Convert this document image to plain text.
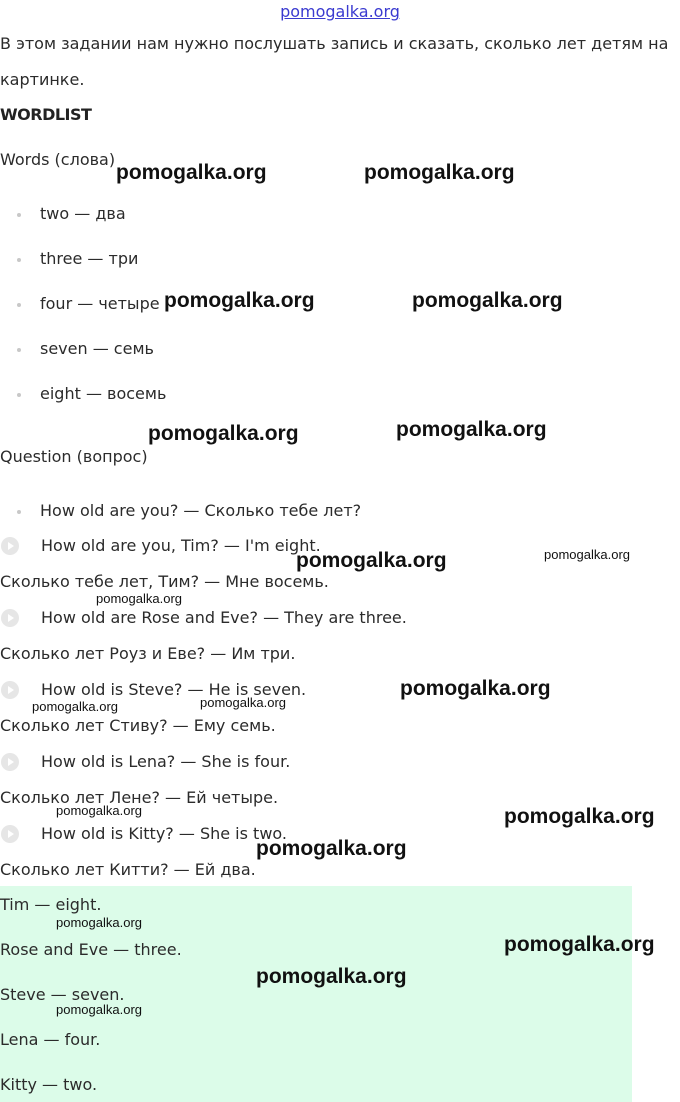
pomogalka.org
В этом задании нам нужно послушать запись и сказать, сколько лет детям на
картинке.
WORDLIST
Words (слова)
two — два
three — три
four — четыре
seven — семь
eight — восемь
Question (вопрос)
How old are you? — Сколько тебе лет?
How old are you, Tim? — I'm eight.
Сколько тебе лет, Тим? — Мне восемь.
How old are Rose and Eve? — They are three.
Сколько лет Роуз и Еве? — Им три.
How old is Steve? — He is seven.
Сколько лет Стиву? — Ему семь.
How old is Lena? — She is four.
Сколько лет Лене? — Ей четыре.
How old is Kitty? — She is two.
Сколько лет Китти? — Ей два.
Tim — eight.
Rose and Eve — three.
Steve — seven.
Lena — four.
Kitty — two.
pomogalka.org	pomogalka.org
pomogalka.org	pomogalka.org
pomogalka.org	pomogalka.org
pomogalka.org
pomogalka.org
pomogalka.org
pomogalka.org
pomogalka.org
pomogalka.org
pomogalka.org	pomogalka.org
pomogalka.org
pomogalka.org
pomogalka.org
pomogalka.org
pomogalka.org
